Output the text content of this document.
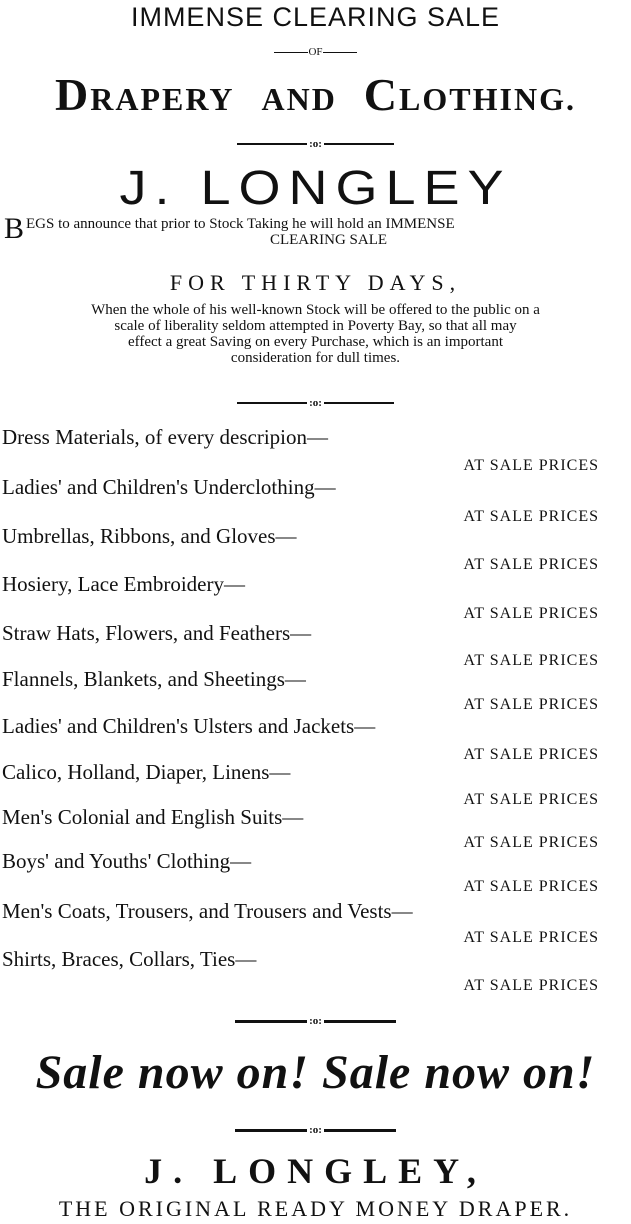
IMMENSE CLEARING SALE
OF
DRAPERY AND CLOTHING.
:o:
J. LONGLEY
B EGS to announce that prior to Stock Taking he will hold an IMMENSE
CLEARING SALE
FOR THIRTY DAYS,
When the whole of his well-known Stock will be offered to the public on a
scale of liberality seldom attempted in Poverty Bay, so that all may
effect a great Saving on every Purchase, which is an important
consideration for dull times.
:o:
Dress Materials, of every descripion—
AT SALE PRICES
Ladies' and Children's Underclothing—
AT SALE PRICES
Umbrellas, Ribbons, and Gloves—
AT SALE PRICES
Hosiery, Lace Embroidery—
AT SALE PRICES
Straw Hats, Flowers, and Feathers—
AT SALE PRICES
Flannels, Blankets, and Sheetings—
AT SALE PRICES
Ladies' and Children's Ulsters and Jackets—
AT SALE PRICES
Calico, Holland, Diaper, Linens—
AT SALE PRICES
Men's Colonial and English Suits—
AT SALE PRICES
Boys' and Youths' Clothing—
AT SALE PRICES
Men's Coats, Trousers, and Trousers and Vests—
AT SALE PRICES
Shirts, Braces, Collars, Ties—
AT SALE PRICES
:o:
Sale now on! Sale now on!
:o:
J. LONGLEY,
THE ORIGINAL READY MONEY DRAPER.
